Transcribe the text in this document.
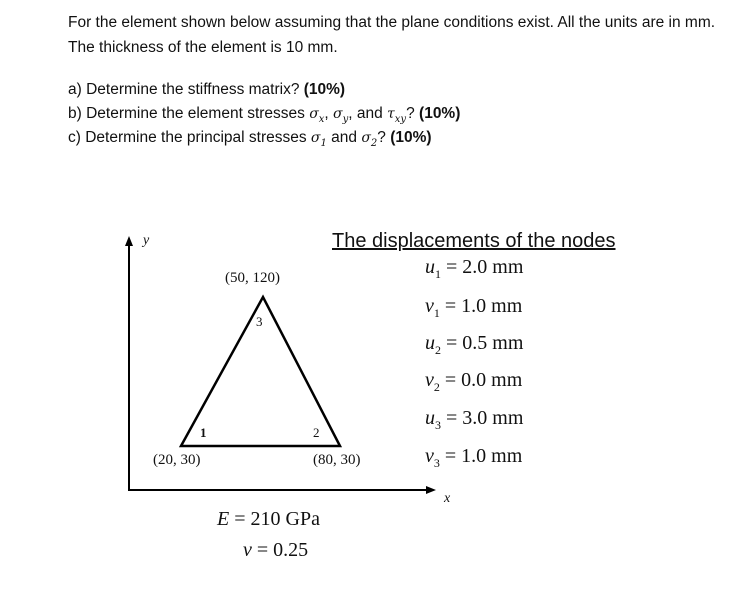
For the element shown below assuming that the plane conditions exist. All the units are in mm. The thickness of the element is 10 mm.

a) Determine the stiffness matrix? (10%)

b) Determine the element stresses $\sigma_x$, $\sigma_y$, and $\tau_{xy}$? (10%)

c) Determine the principal stresses $\sigma_1$ and $\sigma_2$? (10%)

y
x
(50, 120)
(20, 30)	(80, 30)
3
1	2
The displacements of the nodes
$u_1 = 2.0$ mm
$v_1 = 1.0$ mm
$u_2 = 0.5$ mm
$v_2 = 0.0$ mm
$u_3 = 3.0$ mm
$v_3 = 1.0$ mm
E = 210 GPa
ν = 0.25
